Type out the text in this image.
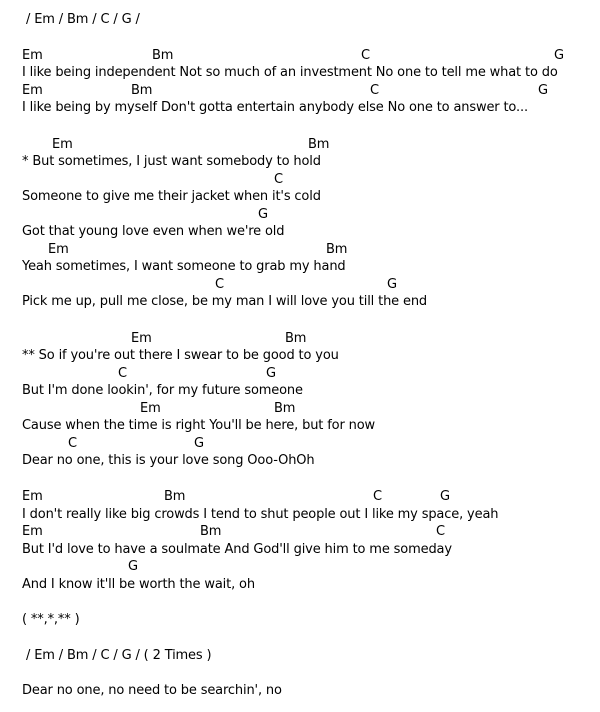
/ Em / Bm / C / G /
Em	Bm	C	G
I like being independent Not so much of an investment No one to tell me what to do
Em	Bm	C	G
I like being by myself Don't gotta entertain anybody else No one to answer to...
Em	Bm
* But sometimes, I just want somebody to hold
C
Someone to give me their jacket when it's cold
G
Got that young love even when we're old
Em	Bm
Yeah sometimes, I want someone to grab my hand
C	G
Pick me up, pull me close, be my man I will love you till the end
Em	Bm
** So if you're out there I swear to be good to you
C	G
But I'm done lookin', for my future someone
Em	Bm
Cause when the time is right You'll be here, but for now
C	G
Dear no one, this is your love song Ooo-OhOh
Em	Bm	C	G
I don't really like big crowds I tend to shut people out I like my space, yeah
Em	Bm	C
But I'd love to have a soulmate And God'll give him to me someday
G
And I know it'll be worth the wait, oh
( **,*,** )
/ Em / Bm / C / G / ( 2 Times )
Dear no one, no need to be searchin', no
